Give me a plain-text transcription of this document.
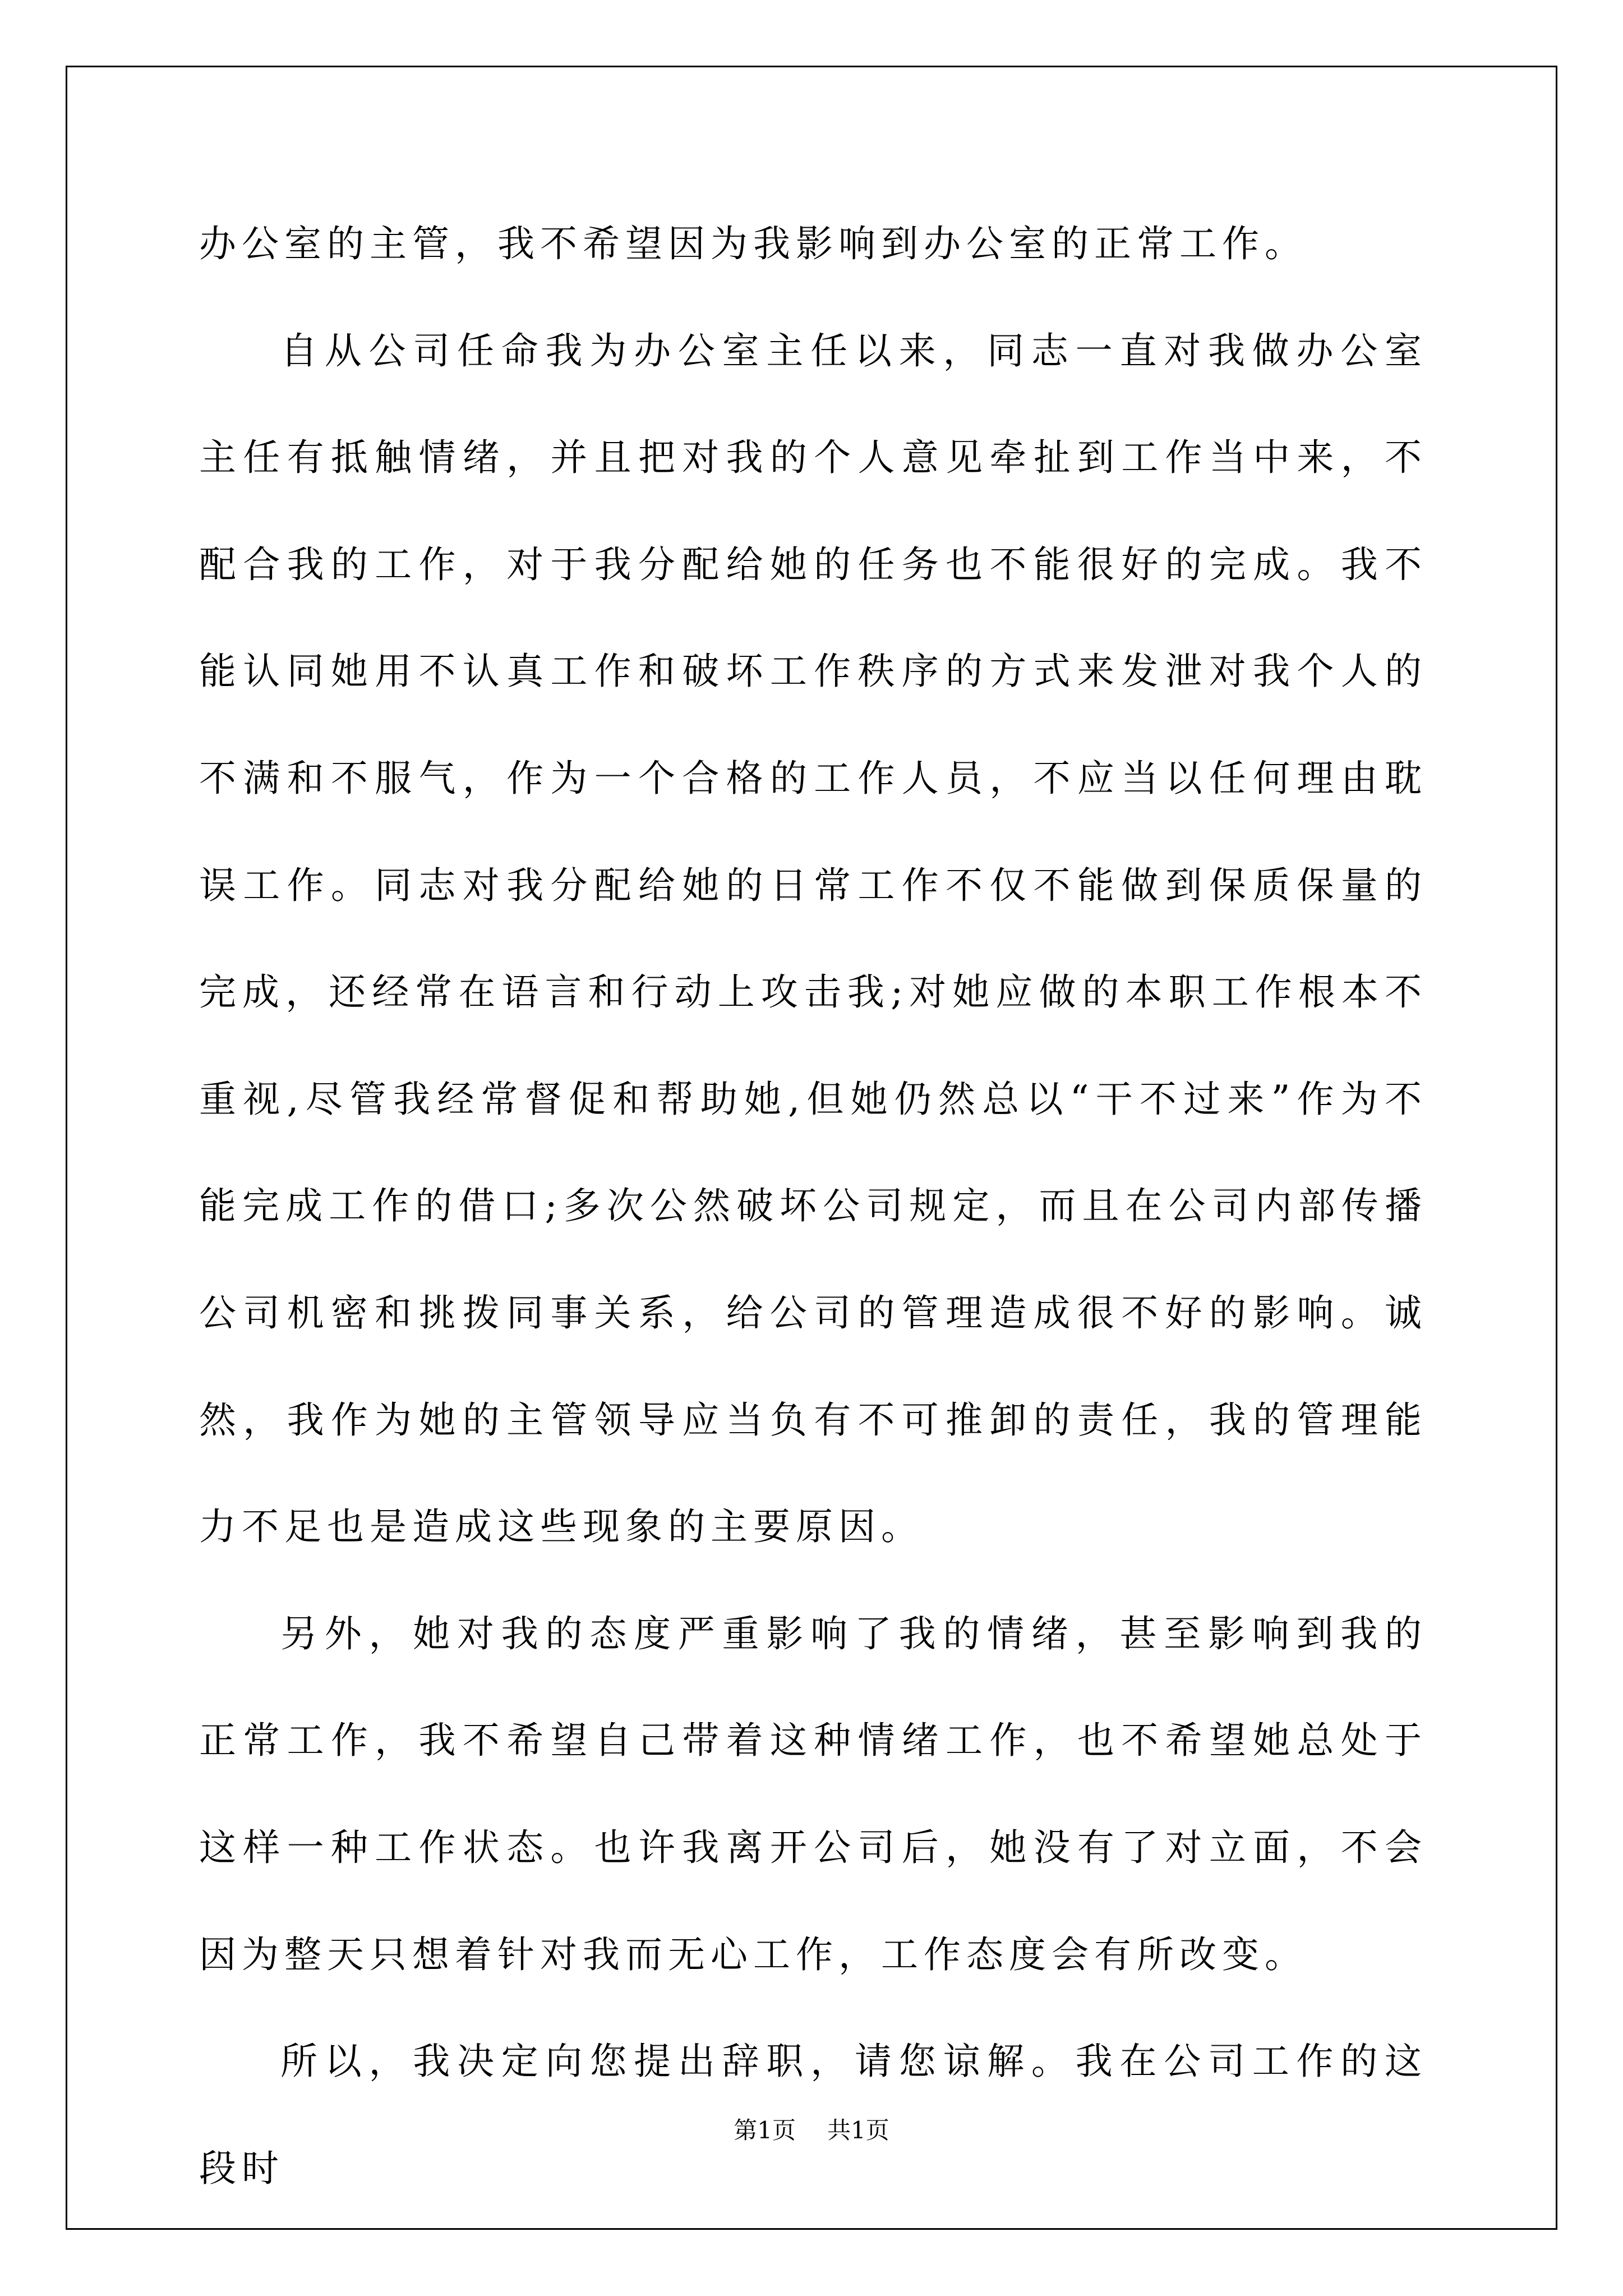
办公室的主管，我不希望因为我影响到办公室的正常工作。

自从公司任命我为办公室主任以来，同志一直对我做办公室主任有抵触情绪，并且把对我的个人意见牵扯到工作当中来，不配合我的工作，对于我分配给她的任务也不能很好的完成。我不能认同她用不认真工作和破坏工作秩序的方式来发泄对我个人的不满和不服气，作为一个合格的工作人员，不应当以任何理由耽误工作。同志对我分配给她的日常工作不仅不能做到保质保量的完成，还经常在语言和行动上攻击我;对她应做的本职工作根本不重视,尽管我经常督促和帮助她,但她仍然总以“干不过来”作为不能完成工作的借口;多次公然破坏公司规定，而且在公司内部传播公司机密和挑拨同事关系，给公司的管理造成很不好的影响。诚然，我作为她的主管领导应当负有不可推卸的责任，我的管理能力不足也是造成这些现象的主要原因。

另外，她对我的态度严重影响了我的情绪，甚至影响到我的正常工作，我不希望自己带着这种情绪工作，也不希望她总处于这样一种工作状态。也许我离开公司后，她没有了对立面，不会因为整天只想着针对我而无心工作，工作态度会有所改变。

所以，我决定向您提出辞职，请您谅解。我在公司工作的这段时

第1页 共1页
